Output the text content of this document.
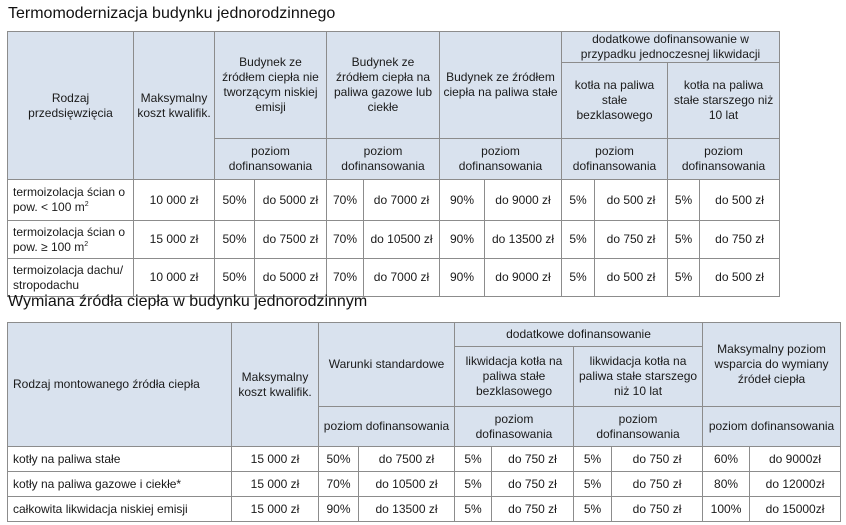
Termomodernizacja budynku jednorodzinnego
Rodzaj przedsięwzięcia	Maksymalny koszt kwalifik.	Budynek ze źródłem ciepła nie tworzącym niskiej emisji		Budynek ze źródłem ciepła na paliwa gazowe lub ciekłe		Budynek ze źródłem ciepła na paliwa stałe		dodatkowe dofinansowanie w przypadku jednoczesnej likwidacji			
								kotła na paliwa stałe bezklasowego		kotła na paliwa stałe starszego niż 10 lat	
		poziom dofinansowania		poziom dofinansowania		poziom dofinansowania		poziom dofinansowania		poziom dofinansowania	
termoizolacja ścian o pow. < 100 $m^2$	10 000 zł	50%	do 5000 zł	70%	do 7000 zł	90%	do 9000 zł	5%	do 500 zł	5%	do 500 zł
termoizolacja ścian o pow. ≥ 100 $m^2$	15 000 zł	50%	do 7500 zł	70%	do 10500 zł	90%	do 13500 zł	5%	do 750 zł	5%	do 750 zł
termoizolacja dachu/ stropodachu	10 000 zł	50%	do 5000 zł	70%	do 7000 zł	90%	do 9000 zł	5%	do 500 zł	5%	do 500 zł
Wymiana źródła ciepła w budynku jednorodzinnym
Rodzaj montowanego źródła ciepła	Maksymalny koszt kwalifik.	Warunki standardowe		dodatkowe dofinansowanie				Maksymalny poziom wsparcia do wymiany źródeł ciepła	
				likwidacja kotła na paliwa stałe bezklasowego		likwidacja kotła na paliwa stałe starszego niż 10 lat			
		poziom dofinansowania		poziom dofinasowania		poziom dofinansowania		poziom dofinansowania	
kotły na paliwa stałe	15 000 zł	50%	do 7500 zł	5%	do 750 zł	5%	do 750 zł	60%	do 9000zł
kotły na paliwa gazowe i ciekłe*	15 000 zł	70%	do 10500 zł	5%	do 750 zł	5%	do 750 zł	80%	do 12000zł
całkowita likwidacja niskiej emisji	15 000 zł	90%	do 13500 zł	5%	do 750 zł	5%	do 750 zł	100%	do 15000zł
